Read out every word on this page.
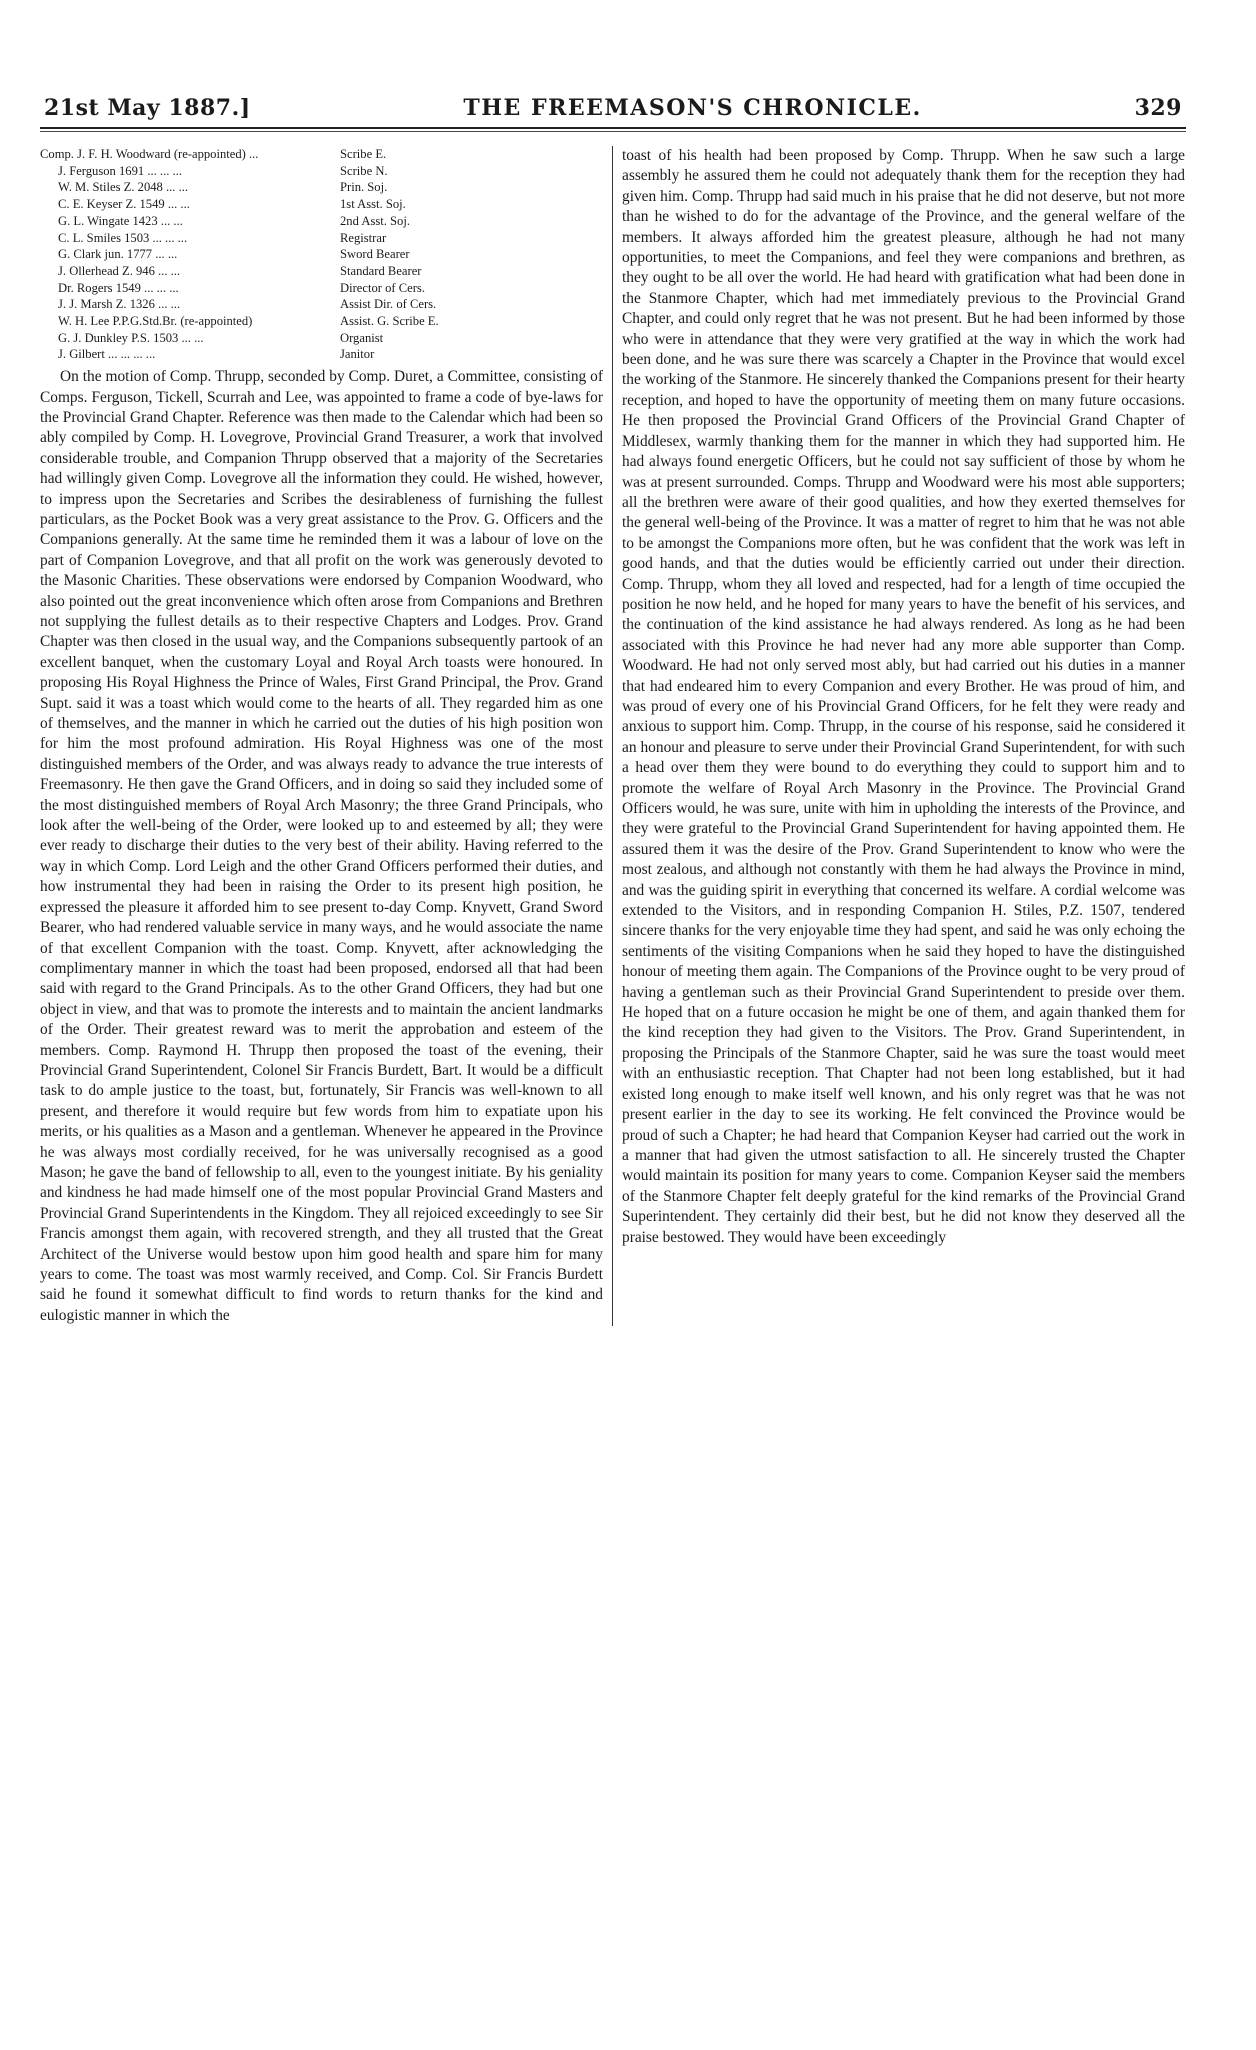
21st May 1887.]	THE FREEMASON'S CHRONICLE.	329
Comp. J. F. H. Woodward (re-appointed) ...	Scribe E.
J. Ferguson 1691 ... ... ...	Scribe N.
W. M. Stiles Z. 2048 ... ...	Prin. Soj.
C. E. Keyser Z. 1549 ... ...	1st Asst. Soj.
G. L. Wingate 1423 ... ...	2nd Asst. Soj.
C. L. Smiles 1503 ... ... ...	Registrar
G. Clark jun. 1777 ... ...	Sword Bearer
J. Ollerhead Z. 946 ... ...	Standard Bearer
Dr. Rogers 1549 ... ... ...	Director of Cers.
J. J. Marsh Z. 1326 ... ...	Assist Dir. of Cers.
W. H. Lee P.P.G.Std.Br. (re-appointed)	Assist. G. Scribe E.
G. J. Dunkley P.S. 1503 ... ...	Organist
J. Gilbert ... ... ... ...	Janitor

On the motion of Comp. Thrupp, seconded by Comp. Duret, a Committee, consisting of Comps. Ferguson, Tickell, Scurrah and Lee, was appointed to frame a code of bye-laws for the Provincial Grand Chapter. Reference was then made to the Calendar which had been so ably compiled by Comp. H. Lovegrove, Provincial Grand Treasurer, a work that involved considerable trouble, and Companion Thrupp observed that a majority of the Secretaries had willingly given Comp. Lovegrove all the information they could. He wished, however, to impress upon the Secretaries and Scribes the desirableness of furnishing the fullest particulars, as the Pocket Book was a very great assistance to the Prov. G. Officers and the Companions generally. At the same time he reminded them it was a labour of love on the part of Companion Lovegrove, and that all profit on the work was generously devoted to the Masonic Charities. These observations were endorsed by Companion Woodward, who also pointed out the great inconvenience which often arose from Companions and Brethren not supplying the fullest details as to their respective Chapters and Lodges. Prov. Grand Chapter was then closed in the usual way, and the Companions subsequently partook of an excellent banquet, when the customary Loyal and Royal Arch toasts were honoured. In proposing His Royal Highness the Prince of Wales, First Grand Principal, the Prov. Grand Supt. said it was a toast which would come to the hearts of all. They regarded him as one of themselves, and the manner in which he carried out the duties of his high position won for him the most profound admiration. His Royal Highness was one of the most distinguished members of the Order, and was always ready to advance the true interests of Freemasonry. He then gave the Grand Officers, and in doing so said they included some of the most distinguished members of Royal Arch Masonry; the three Grand Principals, who look after the well-being of the Order, were looked up to and esteemed by all; they were ever ready to discharge their duties to the very best of their ability. Having referred to the way in which Comp. Lord Leigh and the other Grand Officers performed their duties, and how instrumental they had been in raising the Order to its present high position, he expressed the pleasure it afforded him to see present to-day Comp. Knyvett, Grand Sword Bearer, who had rendered valuable service in many ways, and he would associate the name of that excellent Companion with the toast. Comp. Knyvett, after acknowledging the complimentary manner in which the toast had been proposed, endorsed all that had been said with regard to the Grand Principals. As to the other Grand Officers, they had but one object in view, and that was to promote the interests and to maintain the ancient landmarks of the Order. Their greatest reward was to merit the approbation and esteem of the members. Comp. Raymond H. Thrupp then proposed the toast of the evening, their Provincial Grand Superintendent, Colonel Sir Francis Burdett, Bart. It would be a difficult task to do ample justice to the toast, but, fortunately, Sir Francis was well-known to all present, and therefore it would require but few words from him to expatiate upon his merits, or his qualities as a Mason and a gentleman. Whenever he appeared in the Province he was always most cordially received, for he was universally recognised as a good Mason; he gave the band of fellowship to all, even to the youngest initiate. By his geniality and kindness he had made himself one of the most popular Provincial Grand Masters and Provincial Grand Superintendents in the Kingdom. They all rejoiced exceedingly to see Sir Francis amongst them again, with recovered strength, and they all trusted that the Great Architect of the Universe would bestow upon him good health and spare him for many years to come. The toast was most warmly received, and Comp. Col. Sir Francis Burdett said he found it somewhat difficult to find words to return thanks for the kind and eulogistic manner in which the

toast of his health had been proposed by Comp. Thrupp. When he saw such a large assembly he assured them he could not adequately thank them for the reception they had given him. Comp. Thrupp had said much in his praise that he did not deserve, but not more than he wished to do for the advantage of the Province, and the general welfare of the members. It always afforded him the greatest pleasure, although he had not many opportunities, to meet the Companions, and feel they were companions and brethren, as they ought to be all over the world. He had heard with gratification what had been done in the Stanmore Chapter, which had met immediately previous to the Provincial Grand Chapter, and could only regret that he was not present. But he had been informed by those who were in attendance that they were very gratified at the way in which the work had been done, and he was sure there was scarcely a Chapter in the Province that would excel the working of the Stanmore. He sincerely thanked the Companions present for their hearty reception, and hoped to have the opportunity of meeting them on many future occasions. He then proposed the Provincial Grand Officers of the Provincial Grand Chapter of Middlesex, warmly thanking them for the manner in which they had supported him. He had always found energetic Officers, but he could not say sufficient of those by whom he was at present surrounded. Comps. Thrupp and Woodward were his most able supporters; all the brethren were aware of their good qualities, and how they exerted themselves for the general well-being of the Province. It was a matter of regret to him that he was not able to be amongst the Companions more often, but he was confident that the work was left in good hands, and that the duties would be efficiently carried out under their direction. Comp. Thrupp, whom they all loved and respected, had for a length of time occupied the position he now held, and he hoped for many years to have the benefit of his services, and the continuation of the kind assistance he had always rendered. As long as he had been associated with this Province he had never had any more able supporter than Comp. Woodward. He had not only served most ably, but had carried out his duties in a manner that had endeared him to every Companion and every Brother. He was proud of him, and was proud of every one of his Provincial Grand Officers, for he felt they were ready and anxious to support him. Comp. Thrupp, in the course of his response, said he considered it an honour and pleasure to serve under their Provincial Grand Superintendent, for with such a head over them they were bound to do everything they could to support him and to promote the welfare of Royal Arch Masonry in the Province. The Provincial Grand Officers would, he was sure, unite with him in upholding the interests of the Province, and they were grateful to the Provincial Grand Superintendent for having appointed them. He assured them it was the desire of the Prov. Grand Superintendent to know who were the most zealous, and although not constantly with them he had always the Province in mind, and was the guiding spirit in everything that concerned its welfare. A cordial welcome was extended to the Visitors, and in responding Companion H. Stiles, P.Z. 1507, tendered sincere thanks for the very enjoyable time they had spent, and said he was only echoing the sentiments of the visiting Companions when he said they hoped to have the distinguished honour of meeting them again. The Companions of the Province ought to be very proud of having a gentleman such as their Provincial Grand Superintendent to preside over them. He hoped that on a future occasion he might be one of them, and again thanked them for the kind reception they had given to the Visitors. The Prov. Grand Superintendent, in proposing the Principals of the Stanmore Chapter, said he was sure the toast would meet with an enthusiastic reception. That Chapter had not been long established, but it had existed long enough to make itself well known, and his only regret was that he was not present earlier in the day to see its working. He felt convinced the Province would be proud of such a Chapter; he had heard that Companion Keyser had carried out the work in a manner that had given the utmost satisfaction to all. He sincerely trusted the Chapter would maintain its position for many years to come. Companion Keyser said the members of the Stanmore Chapter felt deeply grateful for the kind remarks of the Provincial Grand Superintendent. They certainly did their best, but he did not know they deserved all the praise bestowed. They would have been exceedingly
